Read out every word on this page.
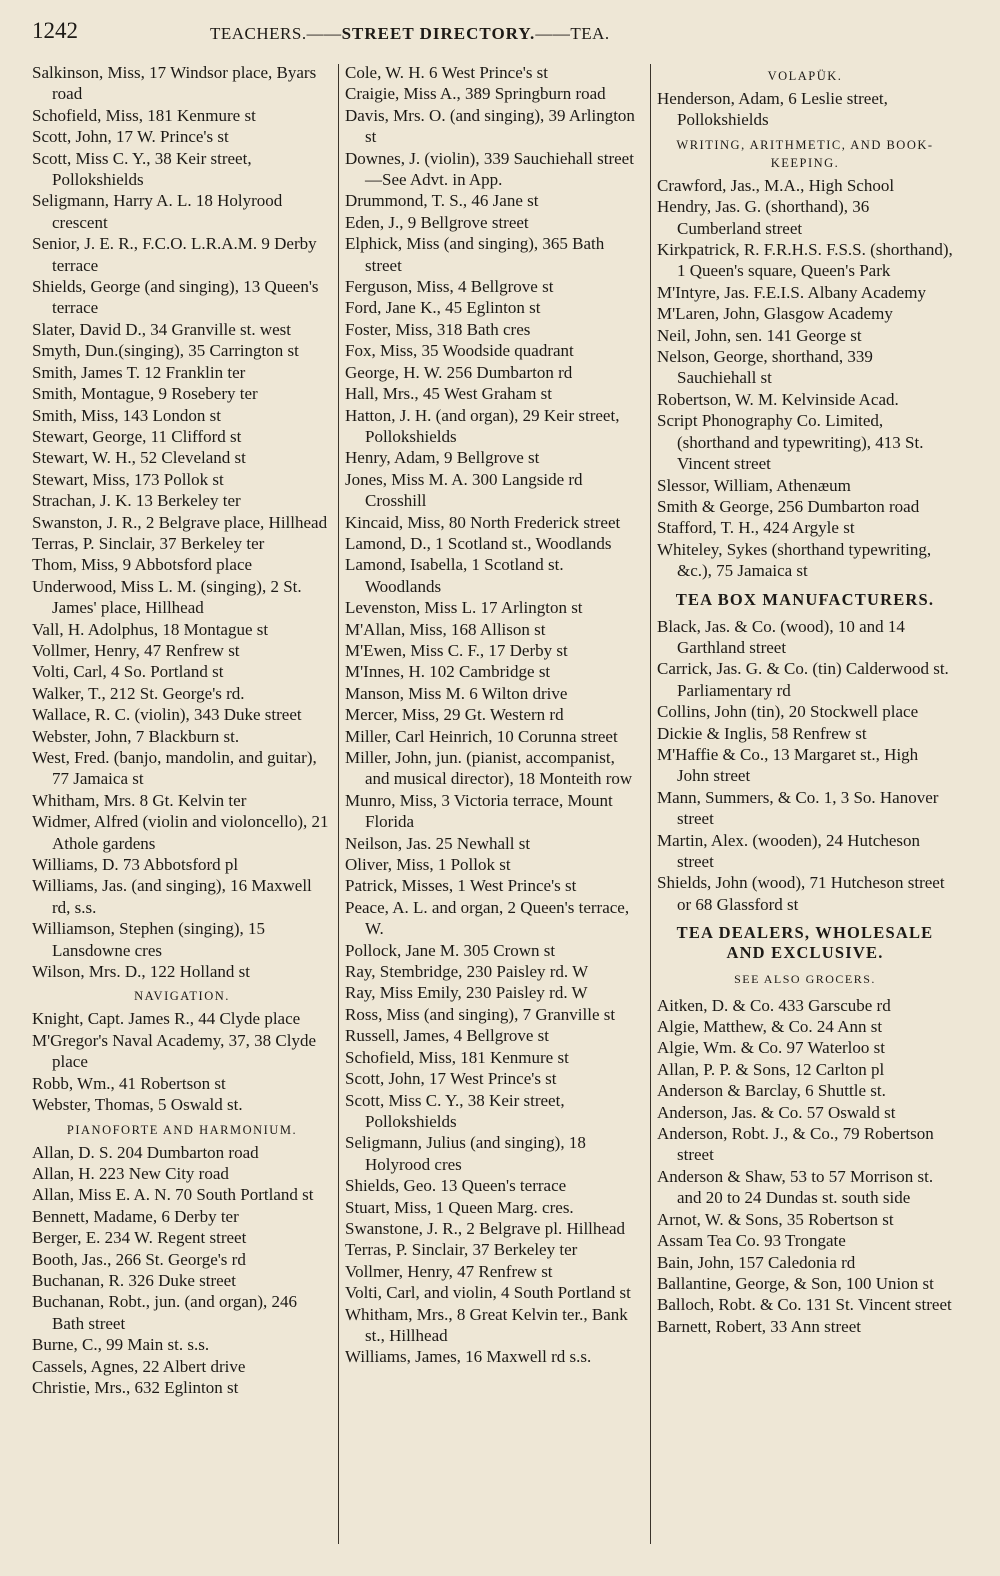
1242	TEACHERS.——STREET DIRECTORY.——TEA.
Salkinson, Miss, 17 Windsor place, Byars road
Schofield, Miss, 181 Kenmure st
Scott, John, 17 W. Prince's st
Scott, Miss C. Y., 38 Keir street, Pollokshields
Seligmann, Harry A. L. 18 Holyrood crescent
Senior, J. E. R., F.C.O. L.R.A.M. 9 Derby terrace
Shields, George (and singing), 13 Queen's terrace
Slater, David D., 34 Granville st. west
Smyth, Dun.(singing), 35 Carrington st
Smith, James T. 12 Franklin ter
Smith, Montague, 9 Rosebery ter
Smith, Miss, 143 London st
Stewart, George, 11 Clifford st
Stewart, W. H., 52 Cleveland st
Stewart, Miss, 173 Pollok st
Strachan, J. K. 13 Berkeley ter
Swanston, J. R., 2 Belgrave place, Hillhead
Terras, P. Sinclair, 37 Berkeley ter
Thom, Miss, 9 Abbotsford place
Underwood, Miss L. M. (singing), 2 St. James' place, Hillhead
Vall, H. Adolphus, 18 Montague st
Vollmer, Henry, 47 Renfrew st
Volti, Carl, 4 So. Portland st
Walker, T., 212 St. George's rd.
Wallace, R. C. (violin), 343 Duke street
Webster, John, 7 Blackburn st.
West, Fred. (banjo, mandolin, and guitar), 77 Jamaica st
Whitham, Mrs. 8 Gt. Kelvin ter
Widmer, Alfred (violin and violoncello), 21 Athole gardens
Williams, D. 73 Abbotsford pl
Williams, Jas. (and singing), 16 Maxwell rd, s.s.
Williamson, Stephen (singing), 15 Lansdowne cres
Wilson, Mrs. D., 122 Holland st
NAVIGATION.
Knight, Capt. James R., 44 Clyde place
M'Gregor's Naval Academy, 37, 38 Clyde place
Robb, Wm., 41 Robertson st
Webster, Thomas, 5 Oswald st.
PIANOFORTE AND HARMONIUM.
Allan, D. S. 204 Dumbarton road
Allan, H. 223 New City road
Allan, Miss E. A. N. 70 South Portland st
Bennett, Madame, 6 Derby ter
Berger, E. 234 W. Regent street
Booth, Jas., 266 St. George's rd
Buchanan, R. 326 Duke street
Buchanan, Robt., jun. (and organ), 246 Bath street
Burne, C., 99 Main st. s.s.
Cassels, Agnes, 22 Albert drive
Christie, Mrs., 632 Eglinton st
Cole, W. H. 6 West Prince's st
Craigie, Miss A., 389 Springburn road
Davis, Mrs. O. (and singing), 39 Arlington st
Downes, J. (violin), 339 Sauchiehall street—See Advt. in App.
Drummond, T. S., 46 Jane st
Eden, J., 9 Bellgrove street
Elphick, Miss (and singing), 365 Bath street
Ferguson, Miss, 4 Bellgrove st
Ford, Jane K., 45 Eglinton st
Foster, Miss, 318 Bath cres
Fox, Miss, 35 Woodside quadrant
George, H. W. 256 Dumbarton rd
Hall, Mrs., 45 West Graham st
Hatton, J. H. (and organ), 29 Keir street, Pollokshields
Henry, Adam, 9 Bellgrove st
Jones, Miss M. A. 300 Langside rd Crosshill
Kincaid, Miss, 80 North Frederick street
Lamond, D., 1 Scotland st., Woodlands
Lamond, Isabella, 1 Scotland st. Woodlands
Levenston, Miss L. 17 Arlington st
M'Allan, Miss, 168 Allison st
M'Ewen, Miss C. F., 17 Derby st
M'Innes, H. 102 Cambridge st
Manson, Miss M. 6 Wilton drive
Mercer, Miss, 29 Gt. Western rd
Miller, Carl Heinrich, 10 Corunna street
Miller, John, jun. (pianist, accompanist, and musical director), 18 Monteith row
Munro, Miss, 3 Victoria terrace, Mount Florida
Neilson, Jas. 25 Newhall st
Oliver, Miss, 1 Pollok st
Patrick, Misses, 1 West Prince's st
Peace, A. L. and organ, 2 Queen's terrace, W.
Pollock, Jane M. 305 Crown st
Ray, Stembridge, 230 Paisley rd. W
Ray, Miss Emily, 230 Paisley rd. W
Ross, Miss (and singing), 7 Granville st
Russell, James, 4 Bellgrove st
Schofield, Miss, 181 Kenmure st
Scott, John, 17 West Prince's st
Scott, Miss C. Y., 38 Keir street, Pollokshields
Seligmann, Julius (and singing), 18 Holyrood cres
Shields, Geo. 13 Queen's terrace
Stuart, Miss, 1 Queen Marg. cres.
Swanstone, J. R., 2 Belgrave pl. Hillhead
Terras, P. Sinclair, 37 Berkeley ter
Vollmer, Henry, 47 Renfrew st
Volti, Carl, and violin, 4 South Portland st
Whitham, Mrs., 8 Great Kelvin ter., Bank st., Hillhead
Williams, James, 16 Maxwell rd s.s.
VOLAPÜK.
Henderson, Adam, 6 Leslie street, Pollokshields
WRITING, ARITHMETIC, AND BOOK-KEEPING.
Crawford, Jas., M.A., High School
Hendry, Jas. G. (shorthand), 36 Cumberland street
Kirkpatrick, R. F.R.H.S. F.S.S. (shorthand), 1 Queen's square, Queen's Park
M'Intyre, Jas. F.E.I.S. Albany Academy
M'Laren, John, Glasgow Academy
Neil, John, sen. 141 George st
Nelson, George, shorthand, 339 Sauchiehall st
Robertson, W. M. Kelvinside Acad.
Script Phonography Co. Limited, (shorthand and typewriting), 413 St. Vincent street
Slessor, William, Athenæum
Smith & George, 256 Dumbarton road
Stafford, T. H., 424 Argyle st
Whiteley, Sykes (shorthand typewriting, &c.), 75 Jamaica st
TEA BOX MANUFACTURERS.
Black, Jas. & Co. (wood), 10 and 14 Garthland street
Carrick, Jas. G. & Co. (tin) Calderwood st. Parliamentary rd
Collins, John (tin), 20 Stockwell place
Dickie & Inglis, 58 Renfrew st
M'Haffie & Co., 13 Margaret st., High John street
Mann, Summers, & Co. 1, 3 So. Hanover street
Martin, Alex. (wooden), 24 Hutcheson street
Shields, John (wood), 71 Hutcheson street or 68 Glassford st
TEA DEALERS, WHOLESALE AND EXCLUSIVE.
SEE ALSO GROCERS.
Aitken, D. & Co. 433 Garscube rd
Algie, Matthew, & Co. 24 Ann st
Algie, Wm. & Co. 97 Waterloo st
Allan, P. P. & Sons, 12 Carlton pl
Anderson & Barclay, 6 Shuttle st.
Anderson, Jas. & Co. 57 Oswald st
Anderson, Robt. J., & Co., 79 Robertson street
Anderson & Shaw, 53 to 57 Morrison st. and 20 to 24 Dundas st. south side
Arnot, W. & Sons, 35 Robertson st
Assam Tea Co. 93 Trongate
Bain, John, 157 Caledonia rd
Ballantine, George, & Son, 100 Union st
Balloch, Robt. & Co. 131 St. Vincent street
Barnett, Robert, 33 Ann street
